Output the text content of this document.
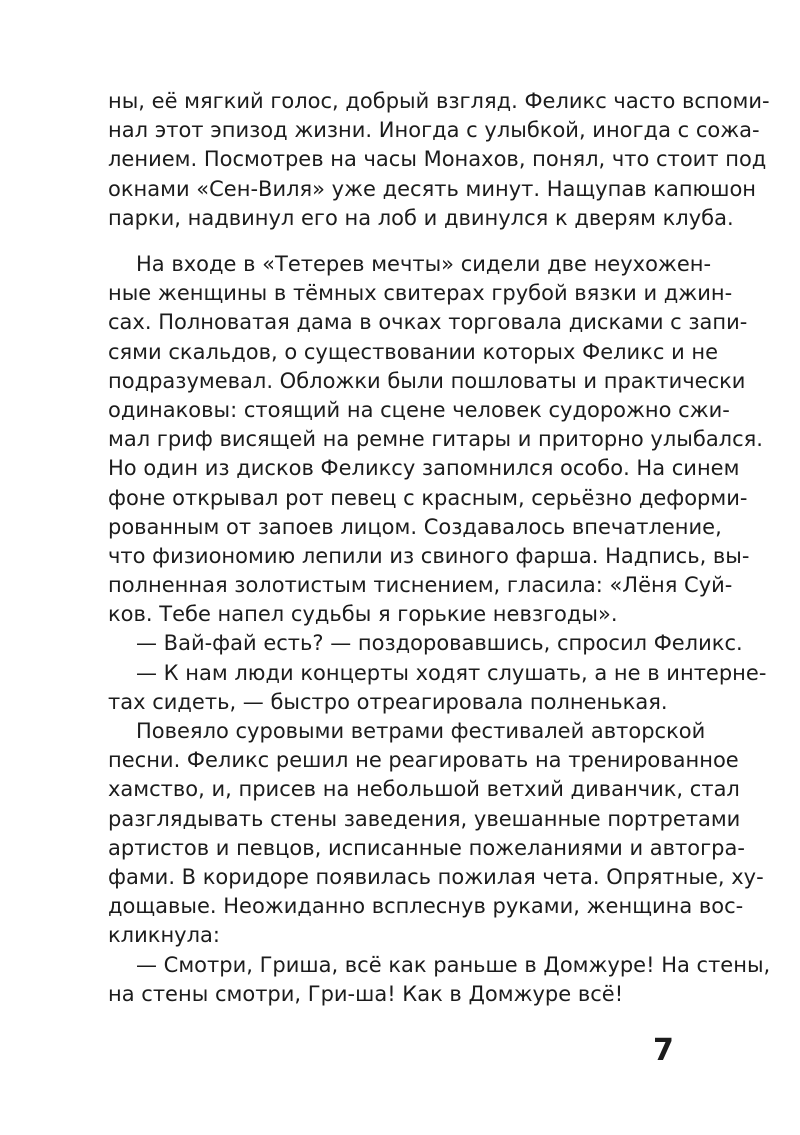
ны, её мягкий голос, добрый взгляд. Феликс часто вспоми-
нал этот эпизод жизни. Иногда с улыбкой, иногда с сожа-
лением. Посмотрев на часы Монахов, понял, что стоит под
окнами «Сен-Виля» уже десять минут. Нащупав капюшон
парки, надвинул его на лоб и двинулся к дверям клуба.
На входе в «Тетерев мечты» сидели две неухожен-
ные женщины в тёмных свитерах грубой вязки и джин-
сах. Полноватая дама в очках торговала дисками с запи-
сями скальдов, о существовании которых Феликс и не
подразумевал. Обложки были пошловаты и практически
одинаковы: стоящий на сцене человек судорожно сжи-
мал гриф висящей на ремне гитары и приторно улыбался.
Но один из дисков Феликсу запомнился особо. На синем
фоне открывал рот певец с красным, серьёзно деформи-
рованным от запоев лицом. Создавалось впечатление,
что физиономию лепили из свиного фарша. Надпись, вы-
полненная золотистым тиснением, гласила: «Лёня Суй-
ков. Тебе напел судьбы я горькие невзгоды».
— Вай-фай есть? — поздоровавшись, спросил Феликс.
— К нам люди концерты ходят слушать, а не в интерне-
тах сидеть, — быстро отреагировала полненькая.
Повеяло суровыми ветрами фестивалей авторской
песни. Феликс решил не реагировать на тренированное
хамство, и, присев на небольшой ветхий диванчик, стал
разглядывать стены заведения, увешанные портретами
артистов и певцов, исписанные пожеланиями и автогра-
фами. В коридоре появилась пожилая чета. Опрятные, ху-
дощавые. Неожиданно всплеснув руками, женщина вос-
кликнула:
— Смотри, Гриша, всё как раньше в Домжуре! На стены,
на стены смотри, Гри-ша! Как в Домжуре всё!
7
